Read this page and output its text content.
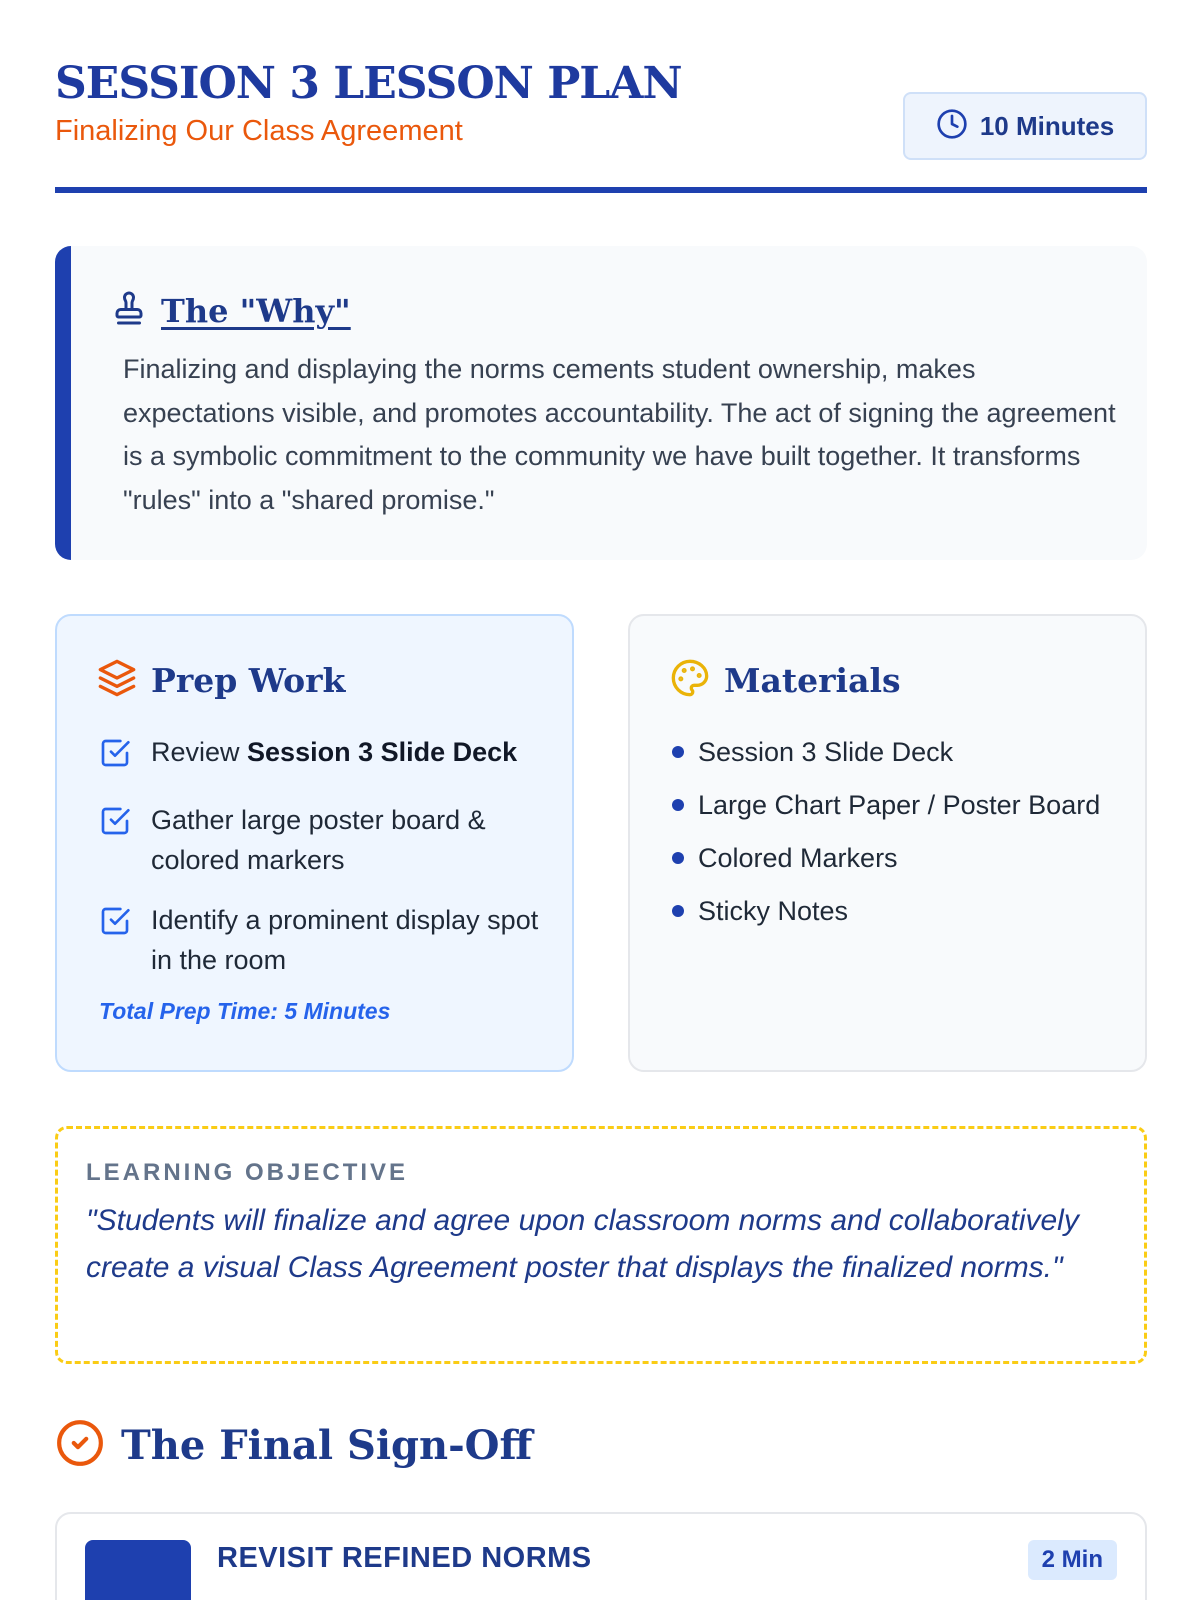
SESSION 3 LESSON PLAN
Finalizing Our Class Agreement	10 Minutes
The "Why"

Finalizing and displaying the norms cements student ownership, makes expectations visible, and promotes accountability. The act of signing the agreement is a symbolic commitment to the community we have built together. It transforms "rules" into a "shared promise."

Prep Work
Review Session 3 Slide Deck
Gather large poster board & colored markers
Identify a prominent display spot in the room
Total Prep Time: 5 Minutes
Materials
Session 3 Slide Deck
Large Chart Paper / Poster Board
Colored Markers
Sticky Notes
LEARNING OBJECTIVE

"Students will finalize and agree upon classroom norms and collaboratively create a visual Class Agreement poster that displays the finalized norms."

The Final Sign-Off
REVISIT REFINED NORMS	2 Min
